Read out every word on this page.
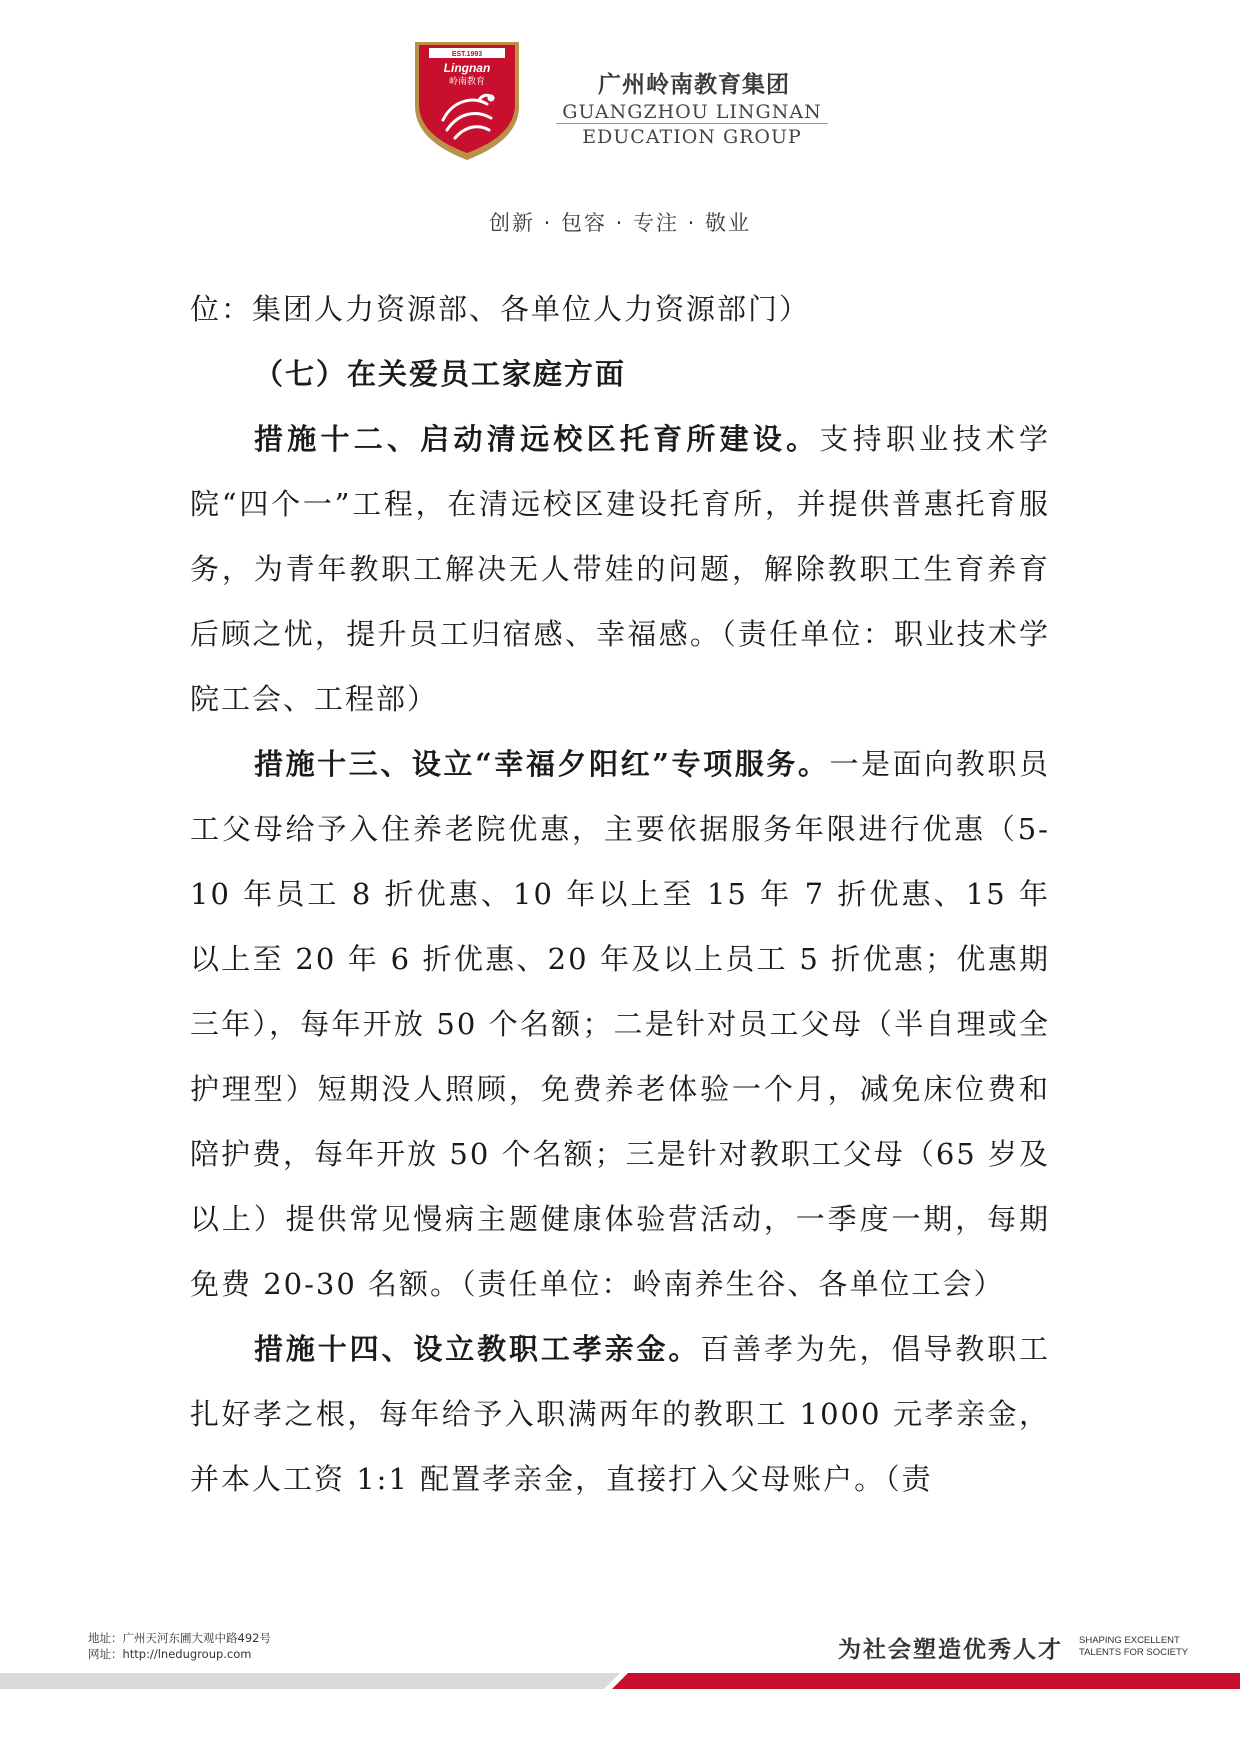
EST.1993
Lingnan
岭南教育	广州岭南教育集团
GUANGZHOU LINGNAN
EDUCATION GROUP
创新 · 包容 · 专注 · 敬业

位：集团人力资源部、各单位人力资源部门）

（七）在关爱员工家庭方面

措施十二、启动清远校区托育所建设。支持职业技术学院“四个一”工程，在清远校区建设托育所，并提供普惠托育服务，为青年教职工解决无人带娃的问题，解除教职工生育养育后顾之忧，提升员工归宿感、幸福感。（责任单位：职业技术学院工会、工程部）

措施十三、设立“幸福夕阳红”专项服务。一是面向教职员工父母给予入住养老院优惠，主要依据服务年限进行优惠（5-10 年员工 8 折优惠、10 年以上至 15 年 7 折优惠、15 年以上至 20 年 6 折优惠、20 年及以上员工 5 折优惠；优惠期三年），每年开放 50 个名额；二是针对员工父母（半自理或全护理型）短期没人照顾，免费养老体验一个月，减免床位费和陪护费，每年开放 50 个名额；三是针对教职工父母（65 岁及以上）提供常见慢病主题健康体验营活动，一季度一期，每期免费 20-30 名额。（责任单位：岭南养生谷、各单位工会）

措施十四、设立教职工孝亲金。百善孝为先，倡导教职工扎好孝之根，每年给予入职满两年的教职工 1000 元孝亲金，并本人工资 1:1 配置孝亲金，直接打入父母账户。（责

地址：广州天河东圃大观中路492号
网址：http://lnedugroup.com	为社会塑造优秀人才 SHAPING EXCELLENT
TALENTS FOR SOCIETY
